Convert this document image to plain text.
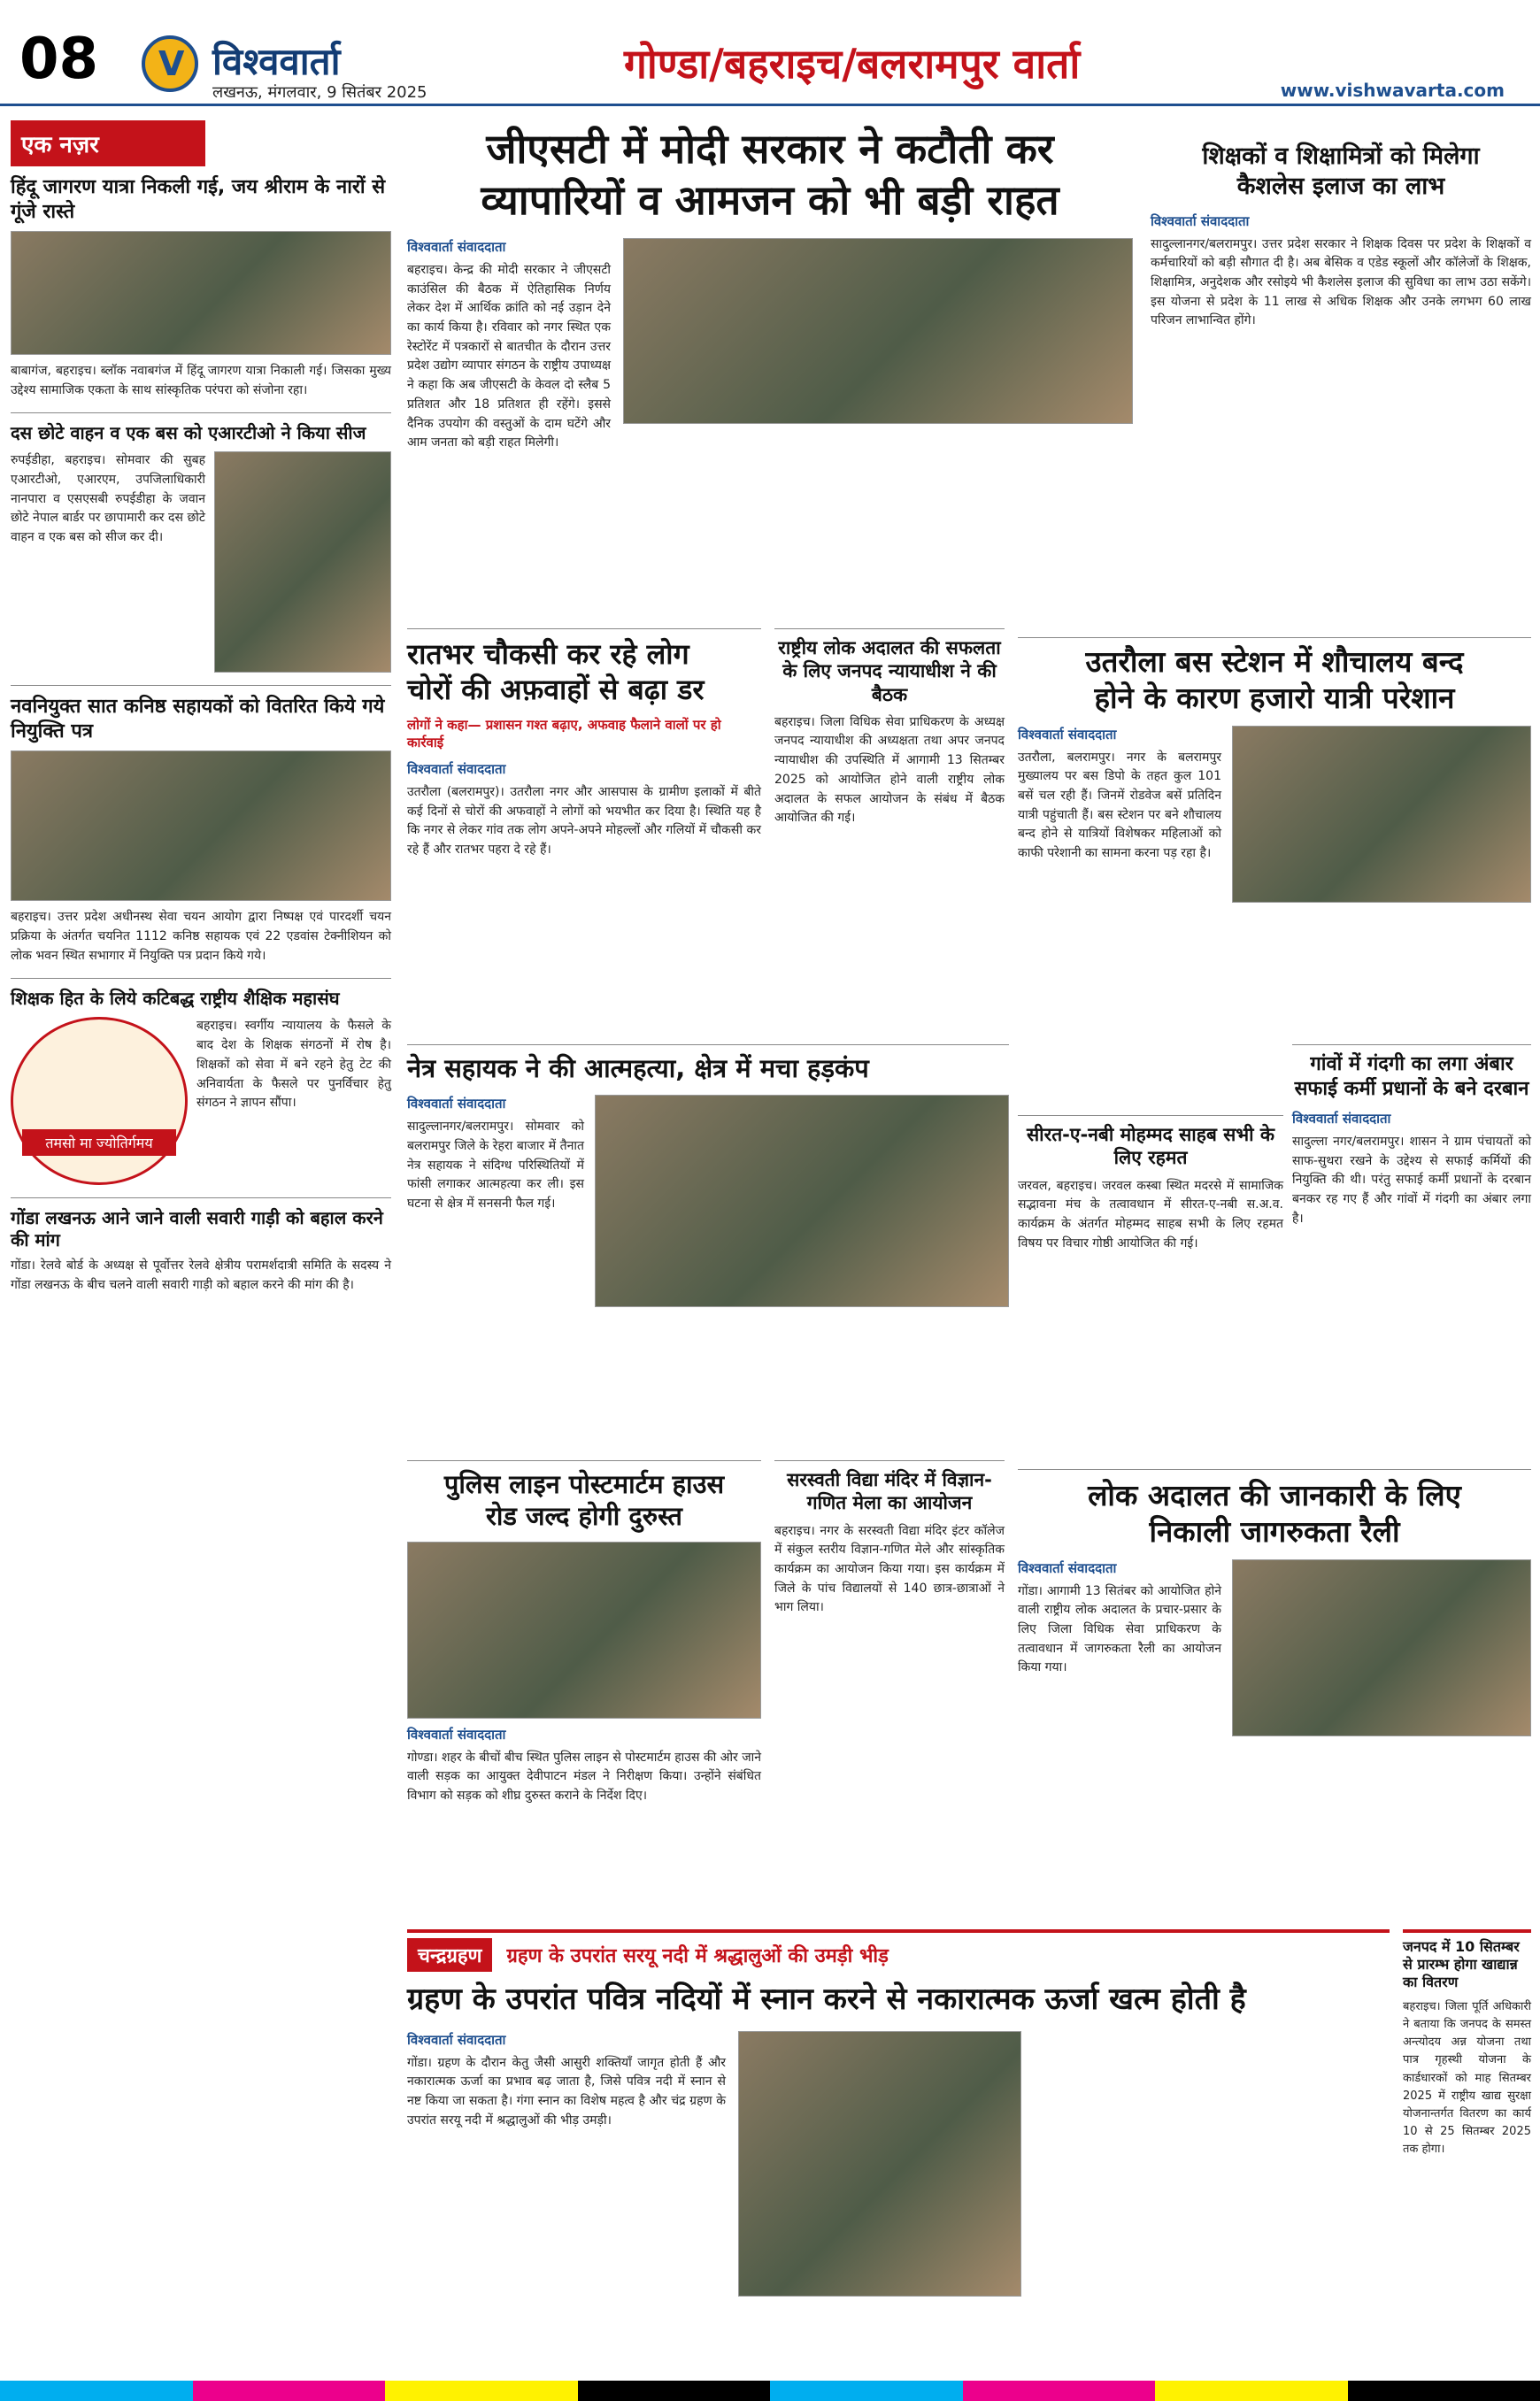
08
V	विश्ववार्ता
लखनऊ, मंगलवार, 9 सितंबर 2025
गोण्डा/बहराइच/बलरामपुर वार्ता
www.vishwavarta.com
एक नज़र
हिंदू जागरण यात्रा निकली गई, जय श्रीराम के नारों से गूंजे रास्ते
बाबागंज, बहराइच। ब्लॉक नवाबगंज में हिंदू जागरण यात्रा निकाली गई। जिसका मुख्य उद्देश्य सामाजिक एकता के साथ सांस्कृतिक परंपरा को संजोना रहा।
दस छोटे वाहन व एक बस को एआरटीओ ने किया सीज
रुपईडीहा, बहराइच। सोमवार की सुबह एआरटीओ, एआरएम, उपजिलाधिकारी नानपारा व एसएसबी रुपईडीहा के जवान छोटे नेपाल बार्डर पर छापामारी कर दस छोटे वाहन व एक बस को सीज कर दी।
नवनियुक्त सात कनिष्ठ सहायकों को वितरित किये गये नियुक्ति पत्र
बहराइच। उत्तर प्रदेश अधीनस्थ सेवा चयन आयोग द्वारा निष्पक्ष एवं पारदर्शी चयन प्रक्रिया के अंतर्गत चयनित 1112 कनिष्ठ सहायक एवं 22 एडवांस टेक्नीशियन को लोक भवन स्थित सभागार में नियुक्ति पत्र प्रदान किये गये।
शिक्षक हित के लिये कटिबद्ध राष्ट्रीय शैक्षिक महासंघ
तमसो मा ज्योतिर्गमय
बहराइच। स्वर्गीय न्यायालय के फैसले के बाद देश के शिक्षक संगठनों में रोष है। शिक्षकों को सेवा में बने रहने हेतु टेट की अनिवार्यता के फैसले पर पुनर्विचार हेतु संगठन ने ज्ञापन सौंपा।
गोंडा लखनऊ आने जाने वाली सवारी गाड़ी को बहाल करने की मांग
गोंडा। रेलवे बोर्ड के अध्यक्ष से पूर्वोत्तर रेलवे क्षेत्रीय परामर्शदात्री समिति के सदस्य ने गोंडा लखनऊ के बीच चलने वाली सवारी गाड़ी को बहाल करने की मांग की है।
जीएसटी में मोदी सरकार ने कटौती कर
व्यापारियों व आमजन को भी बड़ी राहत
विश्ववार्ता संवाददाता
बहराइच। केन्द्र की मोदी सरकार ने जीएसटी काउंसिल की बैठक में ऐतिहासिक निर्णय लेकर देश में आर्थिक क्रांति को नई उड़ान देने का कार्य किया है। रविवार को नगर स्थित एक रेस्टोरेंट में पत्रकारों से बातचीत के दौरान उत्तर प्रदेश उद्योग व्यापार संगठन के राष्ट्रीय उपाध्यक्ष ने कहा कि अब जीएसटी के केवल दो स्लैब 5 प्रतिशत और 18 प्रतिशत ही रहेंगे। इससे दैनिक उपयोग की वस्तुओं के दाम घटेंगे और आम जनता को बड़ी राहत मिलेगी।
शिक्षकों व शिक्षामित्रों को मिलेगा
कैशलेस इलाज का लाभ
विश्ववार्ता संवाददाता
सादुल्लानगर/बलरामपुर। उत्तर प्रदेश सरकार ने शिक्षक दिवस पर प्रदेश के शिक्षकों व कर्मचारियों को बड़ी सौगात दी है। अब बेसिक व एडेड स्कूलों और कॉलेजों के शिक्षक, शिक्षामित्र, अनुदेशक और रसोइये भी कैशलेस इलाज की सुविधा का लाभ उठा सकेंगे। इस योजना से प्रदेश के 11 लाख से अधिक शिक्षक और उनके लगभग 60 लाख परिजन लाभान्वित होंगे।
रातभर चौकसी कर रहे लोग
चोरों की अफ़वाहों से बढ़ा डर
लोगों ने कहा— प्रशासन गश्त बढ़ाए, अफवाह फैलाने वालों पर हो कार्रवाई
विश्ववार्ता संवाददाता
उतरौला (बलरामपुर)। उतरौला नगर और आसपास के ग्रामीण इलाकों में बीते कई दिनों से चोरों की अफवाहों ने लोगों को भयभीत कर दिया है। स्थिति यह है कि नगर से लेकर गांव तक लोग अपने-अपने मोहल्लों और गलियों में चौकसी कर रहे हैं और रातभर पहरा दे रहे हैं।
राष्ट्रीय लोक अदालत की सफलता के लिए जनपद न्यायाधीश ने की बैठक
बहराइच। जिला विधिक सेवा प्राधिकरण के अध्यक्ष जनपद न्यायाधीश की अध्यक्षता तथा अपर जनपद न्यायाधीश की उपस्थिति में आगामी 13 सितम्बर 2025 को आयोजित होने वाली राष्ट्रीय लोक अदालत के सफल आयोजन के संबंध में बैठक आयोजित की गई।
उतरौला बस स्टेशन में शौचालय बन्द
होने के कारण हजारो यात्री परेशान
विश्ववार्ता संवाददाता
उतरौला, बलरामपुर। नगर के बलरामपुर मुख्यालय पर बस डिपो के तहत कुल 101 बसें चल रही हैं। जिनमें रोडवेज बसें प्रतिदिन यात्री पहुंचाती हैं। बस स्टेशन पर बने शौचालय बन्द होने से यात्रियों विशेषकर महिलाओं को काफी परेशानी का सामना करना पड़ रहा है।
नेत्र सहायक ने की आत्महत्या, क्षेत्र में मचा हड़कंप
विश्ववार्ता संवाददाता
सादुल्लानगर/बलरामपुर। सोमवार को बलरामपुर जिले के रेहरा बाजार में तैनात नेत्र सहायक ने संदिग्ध परिस्थितियों में फांसी लगाकर आत्महत्या कर ली। इस घटना से क्षेत्र में सनसनी फैल गई।
सीरत-ए-नबी मोहम्मद साहब सभी के लिए रहमत
जरवल, बहराइच। जरवल कस्बा स्थित मदरसे में सामाजिक सद्भावना मंच के तत्वावधान में सीरत-ए-नबी स.अ.व. कार्यक्रम के अंतर्गत मोहम्मद साहब सभी के लिए रहमत विषय पर विचार गोष्ठी आयोजित की गई।
गांवों में गंदगी का लगा अंबार
सफाई कर्मी प्रधानों के बने दरबान
विश्ववार्ता संवाददाता
सादुल्ला नगर/बलरामपुर। शासन ने ग्राम पंचायतों को साफ-सुथरा रखने के उद्देश्य से सफाई कर्मियों की नियुक्ति की थी। परंतु सफाई कर्मी प्रधानों के दरबान बनकर रह गए हैं और गांवों में गंदगी का अंबार लगा है।
पुलिस लाइन पोस्टमार्टम हाउस
रोड जल्द होगी दुरुस्त
विश्ववार्ता संवाददाता
गोण्डा। शहर के बीचों बीच स्थित पुलिस लाइन से पोस्टमार्टम हाउस की ओर जाने वाली सड़क का आयुक्त देवीपाटन मंडल ने निरीक्षण किया। उन्होंने संबंधित विभाग को सड़क को शीघ्र दुरुस्त कराने के निर्देश दिए।
सरस्वती विद्या मंदिर में विज्ञान-गणित मेला का आयोजन
बहराइच। नगर के सरस्वती विद्या मंदिर इंटर कॉलेज में संकुल स्तरीय विज्ञान-गणित मेले और सांस्कृतिक कार्यक्रम का आयोजन किया गया। इस कार्यक्रम में जिले के पांच विद्यालयों से 140 छात्र-छात्राओं ने भाग लिया।
लोक अदालत की जानकारी के लिए
निकाली जागरुकता रैली
विश्ववार्ता संवाददाता
गोंडा। आगामी 13 सितंबर को आयोजित होने वाली राष्ट्रीय लोक अदालत के प्रचार-प्रसार के लिए जिला विधिक सेवा प्राधिकरण के तत्वावधान में जागरुकता रैली का आयोजन किया गया।
चन्द्रग्रहण	ग्रहण के उपरांत सरयू नदी में श्रद्धालुओं की उमड़ी भीड़
ग्रहण के उपरांत पवित्र नदियों में स्नान करने से नकारात्मक ऊर्जा खत्म होती है
विश्ववार्ता संवाददाता
गोंडा। ग्रहण के दौरान केतु जैसी आसुरी शक्तियाँ जागृत होती हैं और नकारात्मक ऊर्जा का प्रभाव बढ़ जाता है, जिसे पवित्र नदी में स्नान से नष्ट किया जा सकता है। गंगा स्नान का विशेष महत्व है और चंद्र ग्रहण के उपरांत सरयू नदी में श्रद्धालुओं की भीड़ उमड़ी।
जनपद में 10 सितम्बर से प्रारम्भ होगा खाद्यान्न का वितरण
बहराइच। जिला पूर्ति अधिकारी ने बताया कि जनपद के समस्त अन्त्योदय अन्न योजना तथा पात्र गृहस्थी योजना के कार्डधारकों को माह सितम्बर 2025 में राष्ट्रीय खाद्य सुरक्षा योजनान्तर्गत वितरण का कार्य 10 से 25 सितम्बर 2025 तक होगा।
